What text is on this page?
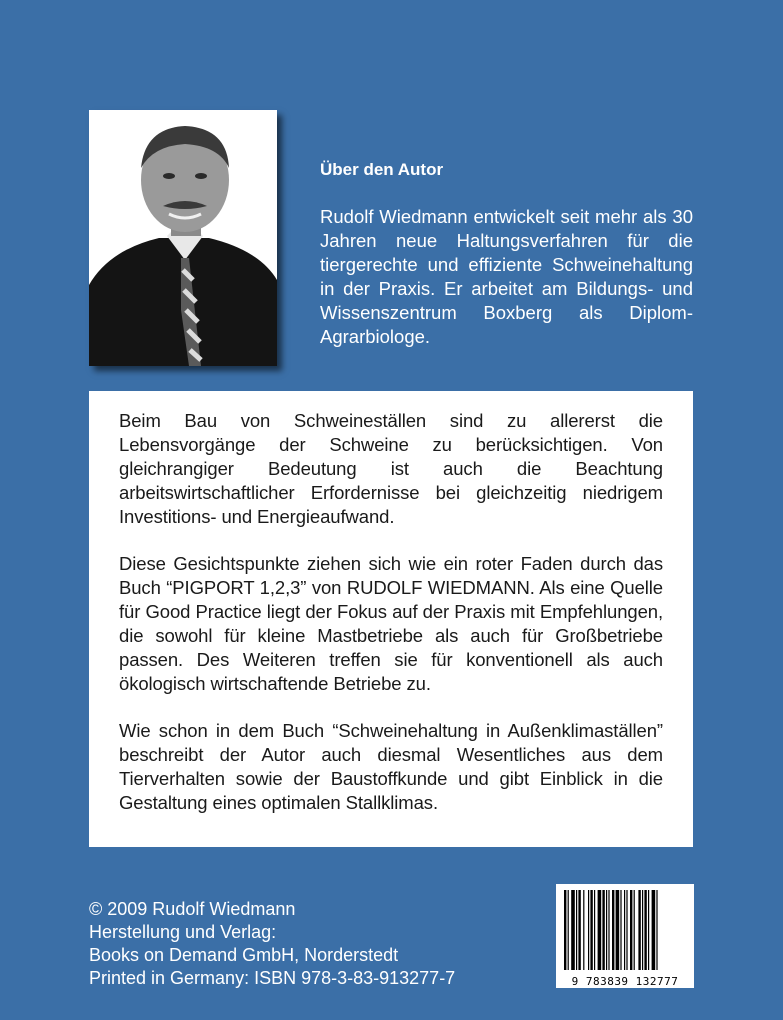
Über den Autor
Rudolf Wiedmann entwickelt seit mehr als 30 Jahren neue Haltungsverfahren für die tiergerechte und effiziente Schweinehaltung in der Praxis. Er arbeitet am Bildungs- und Wissenszentrum Boxberg als Diplom-Agrarbiologe.

Beim Bau von Schweineställen sind zu allererst die Lebensvorgänge der Schweine zu berücksichtigen. Von gleichrangiger Bedeutung ist auch die Beachtung arbeitswirtschaftlicher Erfordernisse bei gleichzeitig niedrigem Investitions- und Energieaufwand.

Diese Gesichtspunkte ziehen sich wie ein roter Faden durch das Buch “PIGPORT 1,2,3” von RUDOLF WIEDMANN. Als eine Quelle für Good Practice liegt der Fokus auf der Praxis mit Empfehlungen, die sowohl für kleine Mastbetriebe als auch für Großbetriebe passen. Des Weiteren treffen sie für konventionell als auch ökologisch wirtschaftende Betriebe zu.

Wie schon in dem Buch “Schweinehaltung in Außenklimaställen” beschreibt der Autor auch diesmal Wesentliches aus dem Tierverhalten sowie der Baustoffkunde und gibt Einblick in die Gestaltung eines optimalen Stallklimas.

© 2009 Rudolf Wiedmann
Herstellung und Verlag:
Books on Demand GmbH, Norderstedt
Printed in Germany: ISBN 978-3-83-913277-7	9 783839 132777
